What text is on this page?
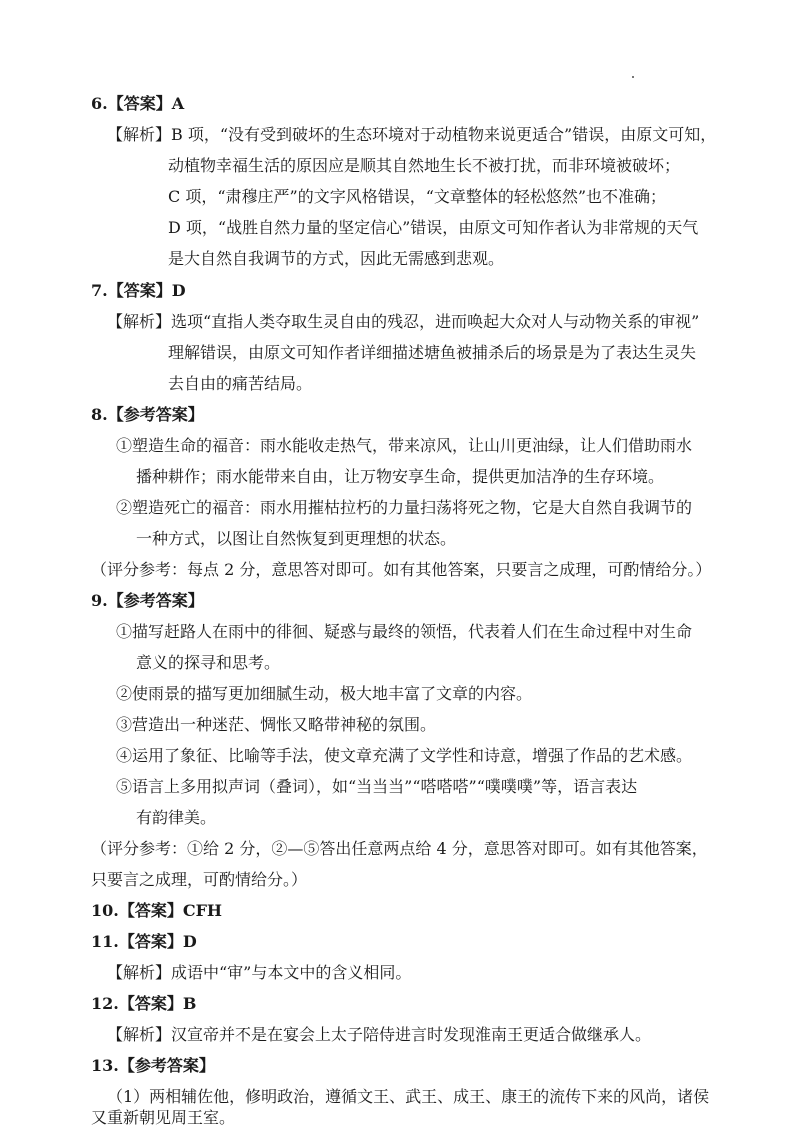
6.【答案】A
【解析】B 项，“没有受到破坏的生态环境对于动植物来说更适合”错误，由原文可知，
动植物幸福生活的原因应是顺其自然地生长不被打扰，而非环境被破坏；
C 项，“肃穆庄严”的文字风格错误，“文章整体的轻松悠然”也不准确；
D 项，“战胜自然力量的坚定信心”错误，由原文可知作者认为非常规的天气
是大自然自我调节的方式，因此无需感到悲观。
7.【答案】D
【解析】选项“直指人类夺取生灵自由的残忍，进而唤起大众对人与动物关系的审视”
理解错误，由原文可知作者详细描述塘鱼被捕杀后的场景是为了表达生灵失
去自由的痛苦结局。
8.【参考答案】
①塑造生命的福音：雨水能收走热气，带来凉风，让山川更油绿，让人们借助雨水
播种耕作；雨水能带来自由，让万物安享生命，提供更加洁净的生存环境。
②塑造死亡的福音：雨水用摧枯拉朽的力量扫荡将死之物，它是大自然自我调节的
一种方式，以图让自然恢复到更理想的状态。
（评分参考：每点 2 分，意思答对即可。如有其他答案，只要言之成理，可酌情给分。）
9.【参考答案】
①描写赶路人在雨中的徘徊、疑惑与最终的领悟，代表着人们在生命过程中对生命
意义的探寻和思考。
②使雨景的描写更加细腻生动，极大地丰富了文章的内容。
③营造出一种迷茫、惆怅又略带神秘的氛围。
④运用了象征、比喻等手法，使文章充满了文学性和诗意，增强了作品的艺术感。
⑤语言上多用拟声词（叠词），如“当当当”“嗒嗒嗒”“噗噗噗”等，语言表达
有韵律美。
（评分参考：①给 2 分，②—⑤答出任意两点给 4 分，意思答对即可。如有其他答案，
只要言之成理，可酌情给分。）
10.【答案】CFH
11.【答案】D
【解析】成语中“审”与本文中的含义相同。
12.【答案】B
【解析】汉宣帝并不是在宴会上太子陪侍进言时发现淮南王更适合做继承人。
13.【参考答案】
（1）两相辅佐他，修明政治，遵循文王、武王、成王、康王的流传下来的风尚，诸侯
又重新朝见周王室。
